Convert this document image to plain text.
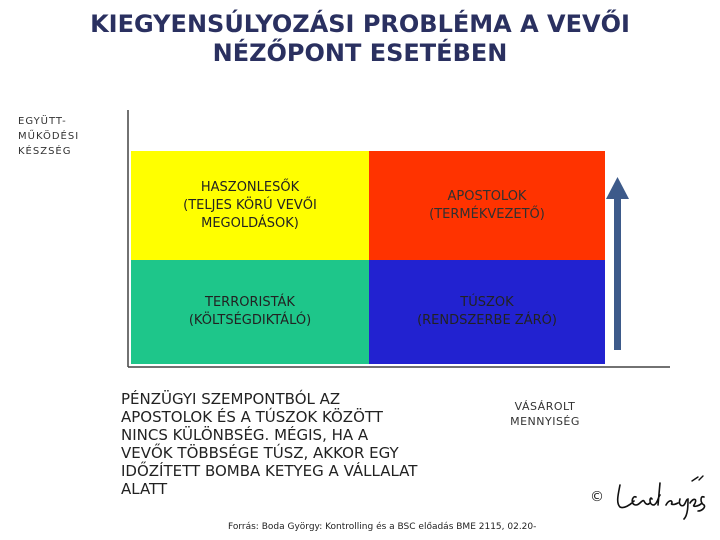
KIEGYENSÚLYOZÁSI PROBLÉMA A VEVŐI NÉZŐPONT ESETÉBEN
EGYÜTT-MŰKÖDÉSI KÉSZSÉG
HASZONLESŐK
(TELJES KÖRÚ VEVŐI MEGOLDÁSOK)
APOSTOLOK
(TERMÉKVEZETŐ)
TERRORISTÁK
(KÖLTSÉGDIKTÁLÓ)
TÚSZOK
(RENDSZERBE ZÁRÓ)
PÉNZÜGYI SZEMPONTBÓL AZ APOSTOLOK ÉS A TÚSZOK KÖZÖTT NINCS KÜLÖNBSÉG. MÉGIS, HA A VEVŐK TÖBBSÉGE TÚSZ, AKKOR EGY IDŐZÍTETT BOMBA KETYEG A VÁLLALAT ALATT
VÁSÁROLT MENNYISÉG
©
Forrás: Boda György: Kontrolling és a BSC előadás BME 2115, 02.20-
